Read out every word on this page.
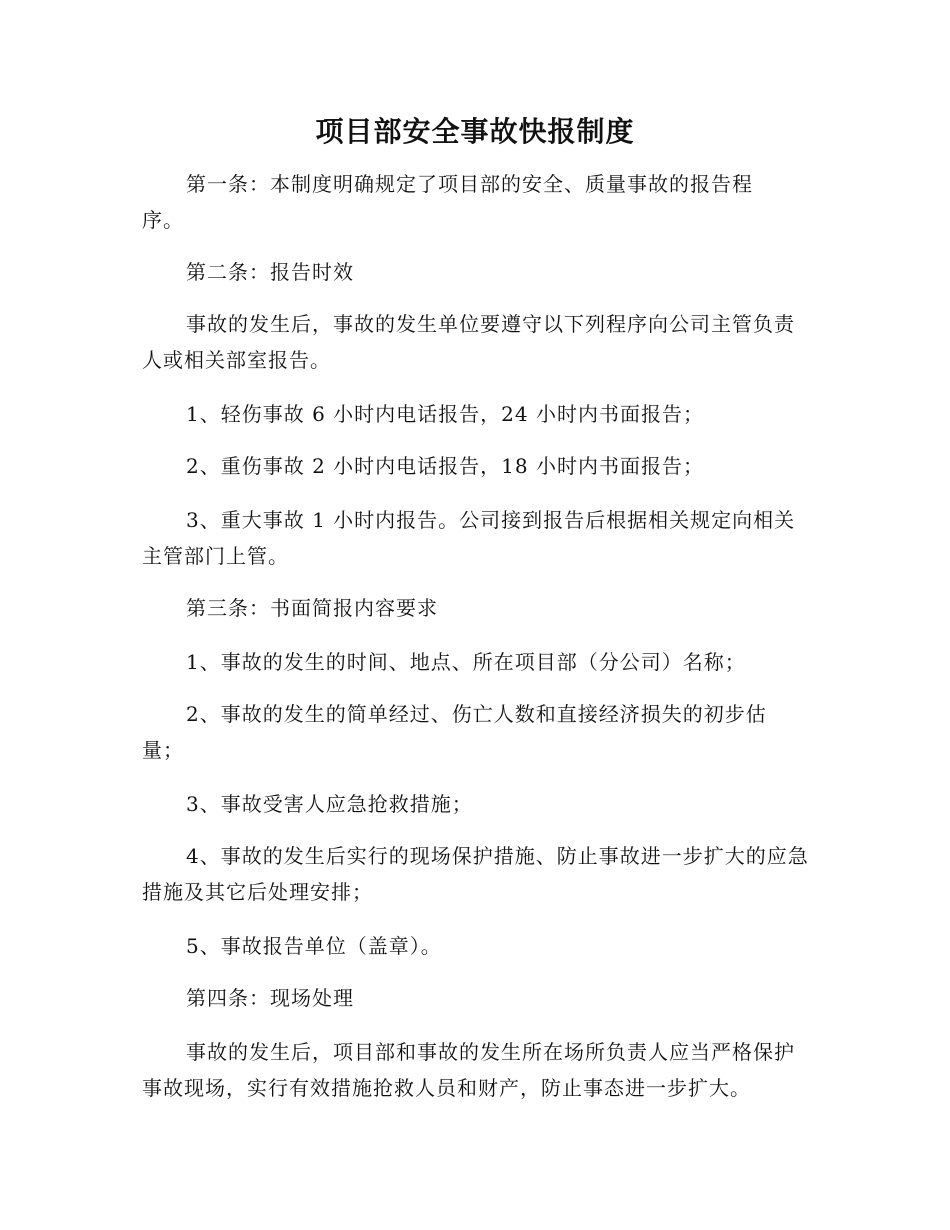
项目部安全事故快报制度

第一条：本制度明确规定了项目部的安全、质量事故的报告程序。

第二条：报告时效

事故的发生后，事故的发生单位要遵守以下列程序向公司主管负责人或相关部室报告。

1、轻伤事故 6 小时内电话报告，24 小时内书面报告；

2、重伤事故 2 小时内电话报告，18 小时内书面报告；

3、重大事故 1 小时内报告。公司接到报告后根据相关规定向相关主管部门上管。

第三条：书面简报内容要求

1、事故的发生的时间、地点、所在项目部（分公司）名称；

2、事故的发生的简单经过、伤亡人数和直接经济损失的初步估量；

3、事故受害人应急抢救措施；

4、事故的发生后实行的现场保护措施、防止事故进一步扩大的应急措施及其它后处理安排；

5、事故报告单位（盖章）。

第四条：现场处理

事故的发生后，项目部和事故的发生所在场所负责人应当严格保护事故现场，实行有效措施抢救人员和财产，防止事态进一步扩大。
